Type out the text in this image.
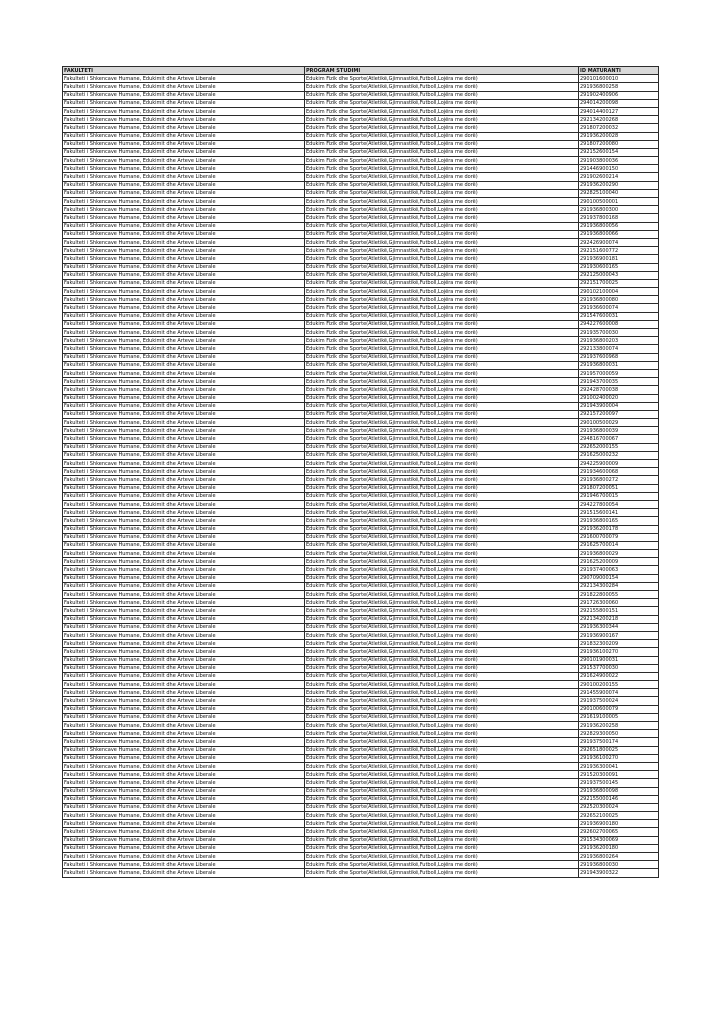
FAKULTETI	PROGRAM STUDIMI	ID MATURANTI
Fakulteti i Shkencave Humane, Edukimit dhe Arteve Liberale	Edukim Fizik dhe Sporte(Atletikë,Gjimnastikë,Futboll,Lojëra me dorë)	290101600010
Fakulteti i Shkencave Humane, Edukimit dhe Arteve Liberale	Edukim Fizik dhe Sporte(Atletikë,Gjimnastikë,Futboll,Lojëra me dorë)	291936800258
Fakulteti i Shkencave Humane, Edukimit dhe Arteve Liberale	Edukim Fizik dhe Sporte(Atletikë,Gjimnastikë,Futboll,Lojëra me dorë)	291902400906
Fakulteti i Shkencave Humane, Edukimit dhe Arteve Liberale	Edukim Fizik dhe Sporte(Atletikë,Gjimnastikë,Futboll,Lojëra me dorë)	294014200098
Fakulteti i Shkencave Humane, Edukimit dhe Arteve Liberale	Edukim Fizik dhe Sporte(Atletikë,Gjimnastikë,Futboll,Lojëra me dorë)	294014400127
Fakulteti i Shkencave Humane, Edukimit dhe Arteve Liberale	Edukim Fizik dhe Sporte(Atletikë,Gjimnastikë,Futboll,Lojëra me dorë)	292134200268
Fakulteti i Shkencave Humane, Edukimit dhe Arteve Liberale	Edukim Fizik dhe Sporte(Atletikë,Gjimnastikë,Futboll,Lojëra me dorë)	291807200032
Fakulteti i Shkencave Humane, Edukimit dhe Arteve Liberale	Edukim Fizik dhe Sporte(Atletikë,Gjimnastikë,Futboll,Lojëra me dorë)	291936200028
Fakulteti i Shkencave Humane, Edukimit dhe Arteve Liberale	Edukim Fizik dhe Sporte(Atletikë,Gjimnastikë,Futboll,Lojëra me dorë)	291807200080
Fakulteti i Shkencave Humane, Edukimit dhe Arteve Liberale	Edukim Fizik dhe Sporte(Atletikë,Gjimnastikë,Futboll,Lojëra me dorë)	292152600154
Fakulteti i Shkencave Humane, Edukimit dhe Arteve Liberale	Edukim Fizik dhe Sporte(Atletikë,Gjimnastikë,Futboll,Lojëra me dorë)	291903800036
Fakulteti i Shkencave Humane, Edukimit dhe Arteve Liberale	Edukim Fizik dhe Sporte(Atletikë,Gjimnastikë,Futboll,Lojëra me dorë)	291446900150
Fakulteti i Shkencave Humane, Edukimit dhe Arteve Liberale	Edukim Fizik dhe Sporte(Atletikë,Gjimnastikë,Futboll,Lojëra me dorë)	291902600214
Fakulteti i Shkencave Humane, Edukimit dhe Arteve Liberale	Edukim Fizik dhe Sporte(Atletikë,Gjimnastikë,Futboll,Lojëra me dorë)	291936200290
Fakulteti i Shkencave Humane, Edukimit dhe Arteve Liberale	Edukim Fizik dhe Sporte(Atletikë,Gjimnastikë,Futboll,Lojëra me dorë)	292825100040
Fakulteti i Shkencave Humane, Edukimit dhe Arteve Liberale	Edukim Fizik dhe Sporte(Atletikë,Gjimnastikë,Futboll,Lojëra me dorë)	290100500001
Fakulteti i Shkencave Humane, Edukimit dhe Arteve Liberale	Edukim Fizik dhe Sporte(Atletikë,Gjimnastikë,Futboll,Lojëra me dorë)	291936800300
Fakulteti i Shkencave Humane, Edukimit dhe Arteve Liberale	Edukim Fizik dhe Sporte(Atletikë,Gjimnastikë,Futboll,Lojëra me dorë)	291937800168
Fakulteti i Shkencave Humane, Edukimit dhe Arteve Liberale	Edukim Fizik dhe Sporte(Atletikë,Gjimnastikë,Futboll,Lojëra me dorë)	291936800056
Fakulteti i Shkencave Humane, Edukimit dhe Arteve Liberale	Edukim Fizik dhe Sporte(Atletikë,Gjimnastikë,Futboll,Lojëra me dorë)	291936800066
Fakulteti i Shkencave Humane, Edukimit dhe Arteve Liberale	Edukim Fizik dhe Sporte(Atletikë,Gjimnastikë,Futboll,Lojëra me dorë)	292426900074
Fakulteti i Shkencave Humane, Edukimit dhe Arteve Liberale	Edukim Fizik dhe Sporte(Atletikë,Gjimnastikë,Futboll,Lojëra me dorë)	292151600772
Fakulteti i Shkencave Humane, Edukimit dhe Arteve Liberale	Edukim Fizik dhe Sporte(Atletikë,Gjimnastikë,Futboll,Lojëra me dorë)	291936900181
Fakulteti i Shkencave Humane, Edukimit dhe Arteve Liberale	Edukim Fizik dhe Sporte(Atletikë,Gjimnastikë,Futboll,Lojëra me dorë)	291930600165
Fakulteti i Shkencave Humane, Edukimit dhe Arteve Liberale	Edukim Fizik dhe Sporte(Atletikë,Gjimnastikë,Futboll,Lojëra me dorë)	292125000043
Fakulteti i Shkencave Humane, Edukimit dhe Arteve Liberale	Edukim Fizik dhe Sporte(Atletikë,Gjimnastikë,Futboll,Lojëra me dorë)	292151700025
Fakulteti i Shkencave Humane, Edukimit dhe Arteve Liberale	Edukim Fizik dhe Sporte(Atletikë,Gjimnastikë,Futboll,Lojëra me dorë)	290102100004
Fakulteti i Shkencave Humane, Edukimit dhe Arteve Liberale	Edukim Fizik dhe Sporte(Atletikë,Gjimnastikë,Futboll,Lojëra me dorë)	291936800080
Fakulteti i Shkencave Humane, Edukimit dhe Arteve Liberale	Edukim Fizik dhe Sporte(Atletikë,Gjimnastikë,Futboll,Lojëra me dorë)	291936600074
Fakulteti i Shkencave Humane, Edukimit dhe Arteve Liberale	Edukim Fizik dhe Sporte(Atletikë,Gjimnastikë,Futboll,Lojëra me dorë)	291547600031
Fakulteti i Shkencave Humane, Edukimit dhe Arteve Liberale	Edukim Fizik dhe Sporte(Atletikë,Gjimnastikë,Futboll,Lojëra me dorë)	294227600008
Fakulteti i Shkencave Humane, Edukimit dhe Arteve Liberale	Edukim Fizik dhe Sporte(Atletikë,Gjimnastikë,Futboll,Lojëra me dorë)	291935700030
Fakulteti i Shkencave Humane, Edukimit dhe Arteve Liberale	Edukim Fizik dhe Sporte(Atletikë,Gjimnastikë,Futboll,Lojëra me dorë)	291936800203
Fakulteti i Shkencave Humane, Edukimit dhe Arteve Liberale	Edukim Fizik dhe Sporte(Atletikë,Gjimnastikë,Futboll,Lojëra me dorë)	292133800074
Fakulteti i Shkencave Humane, Edukimit dhe Arteve Liberale	Edukim Fizik dhe Sporte(Atletikë,Gjimnastikë,Futboll,Lojëra me dorë)	291937600968
Fakulteti i Shkencave Humane, Edukimit dhe Arteve Liberale	Edukim Fizik dhe Sporte(Atletikë,Gjimnastikë,Futboll,Lojëra me dorë)	291936800031
Fakulteti i Shkencave Humane, Edukimit dhe Arteve Liberale	Edukim Fizik dhe Sporte(Atletikë,Gjimnastikë,Futboll,Lojëra me dorë)	291957000059
Fakulteti i Shkencave Humane, Edukimit dhe Arteve Liberale	Edukim Fizik dhe Sporte(Atletikë,Gjimnastikë,Futboll,Lojëra me dorë)	291943700035
Fakulteti i Shkencave Humane, Edukimit dhe Arteve Liberale	Edukim Fizik dhe Sporte(Atletikë,Gjimnastikë,Futboll,Lojëra me dorë)	292428700038
Fakulteti i Shkencave Humane, Edukimit dhe Arteve Liberale	Edukim Fizik dhe Sporte(Atletikë,Gjimnastikë,Futboll,Lojëra me dorë)	291002400020
Fakulteti i Shkencave Humane, Edukimit dhe Arteve Liberale	Edukim Fizik dhe Sporte(Atletikë,Gjimnastikë,Futboll,Lojëra me dorë)	291943900004
Fakulteti i Shkencave Humane, Edukimit dhe Arteve Liberale	Edukim Fizik dhe Sporte(Atletikë,Gjimnastikë,Futboll,Lojëra me dorë)	292157200097
Fakulteti i Shkencave Humane, Edukimit dhe Arteve Liberale	Edukim Fizik dhe Sporte(Atletikë,Gjimnastikë,Futboll,Lojëra me dorë)	290100500029
Fakulteti i Shkencave Humane, Edukimit dhe Arteve Liberale	Edukim Fizik dhe Sporte(Atletikë,Gjimnastikë,Futboll,Lojëra me dorë)	291936800039
Fakulteti i Shkencave Humane, Edukimit dhe Arteve Liberale	Edukim Fizik dhe Sporte(Atletikë,Gjimnastikë,Futboll,Lojëra me dorë)	294816700067
Fakulteti i Shkencave Humane, Edukimit dhe Arteve Liberale	Edukim Fizik dhe Sporte(Atletikë,Gjimnastikë,Futboll,Lojëra me dorë)	292652000155
Fakulteti i Shkencave Humane, Edukimit dhe Arteve Liberale	Edukim Fizik dhe Sporte(Atletikë,Gjimnastikë,Futboll,Lojëra me dorë)	291625000232
Fakulteti i Shkencave Humane, Edukimit dhe Arteve Liberale	Edukim Fizik dhe Sporte(Atletikë,Gjimnastikë,Futboll,Lojëra me dorë)	294225900009
Fakulteti i Shkencave Humane, Edukimit dhe Arteve Liberale	Edukim Fizik dhe Sporte(Atletikë,Gjimnastikë,Futboll,Lojëra me dorë)	291934600068
Fakulteti i Shkencave Humane, Edukimit dhe Arteve Liberale	Edukim Fizik dhe Sporte(Atletikë,Gjimnastikë,Futboll,Lojëra me dorë)	291936800272
Fakulteti i Shkencave Humane, Edukimit dhe Arteve Liberale	Edukim Fizik dhe Sporte(Atletikë,Gjimnastikë,Futboll,Lojëra me dorë)	291807200051
Fakulteti i Shkencave Humane, Edukimit dhe Arteve Liberale	Edukim Fizik dhe Sporte(Atletikë,Gjimnastikë,Futboll,Lojëra me dorë)	291946700015
Fakulteti i Shkencave Humane, Edukimit dhe Arteve Liberale	Edukim Fizik dhe Sporte(Atletikë,Gjimnastikë,Futboll,Lojëra me dorë)	294227800054
Fakulteti i Shkencave Humane, Edukimit dhe Arteve Liberale	Edukim Fizik dhe Sporte(Atletikë,Gjimnastikë,Futboll,Lojëra me dorë)	291515600141
Fakulteti i Shkencave Humane, Edukimit dhe Arteve Liberale	Edukim Fizik dhe Sporte(Atletikë,Gjimnastikë,Futboll,Lojëra me dorë)	291936800165
Fakulteti i Shkencave Humane, Edukimit dhe Arteve Liberale	Edukim Fizik dhe Sporte(Atletikë,Gjimnastikë,Futboll,Lojëra me dorë)	291936200178
Fakulteti i Shkencave Humane, Edukimit dhe Arteve Liberale	Edukim Fizik dhe Sporte(Atletikë,Gjimnastikë,Futboll,Lojëra me dorë)	291600700079
Fakulteti i Shkencave Humane, Edukimit dhe Arteve Liberale	Edukim Fizik dhe Sporte(Atletikë,Gjimnastikë,Futboll,Lojëra me dorë)	291625700014
Fakulteti i Shkencave Humane, Edukimit dhe Arteve Liberale	Edukim Fizik dhe Sporte(Atletikë,Gjimnastikë,Futboll,Lojëra me dorë)	291936800029
Fakulteti i Shkencave Humane, Edukimit dhe Arteve Liberale	Edukim Fizik dhe Sporte(Atletikë,Gjimnastikë,Futboll,Lojëra me dorë)	291625200009
Fakulteti i Shkencave Humane, Edukimit dhe Arteve Liberale	Edukim Fizik dhe Sporte(Atletikë,Gjimnastikë,Futboll,Lojëra me dorë)	291937400063
Fakulteti i Shkencave Humane, Edukimit dhe Arteve Liberale	Edukim Fizik dhe Sporte(Atletikë,Gjimnastikë,Futboll,Lojëra me dorë)	290709000154
Fakulteti i Shkencave Humane, Edukimit dhe Arteve Liberale	Edukim Fizik dhe Sporte(Atletikë,Gjimnastikë,Futboll,Lojëra me dorë)	292134300284
Fakulteti i Shkencave Humane, Edukimit dhe Arteve Liberale	Edukim Fizik dhe Sporte(Atletikë,Gjimnastikë,Futboll,Lojëra me dorë)	291822800055
Fakulteti i Shkencave Humane, Edukimit dhe Arteve Liberale	Edukim Fizik dhe Sporte(Atletikë,Gjimnastikë,Futboll,Lojëra me dorë)	291726300060
Fakulteti i Shkencave Humane, Edukimit dhe Arteve Liberale	Edukim Fizik dhe Sporte(Atletikë,Gjimnastikë,Futboll,Lojëra me dorë)	292155800151
Fakulteti i Shkencave Humane, Edukimit dhe Arteve Liberale	Edukim Fizik dhe Sporte(Atletikë,Gjimnastikë,Futboll,Lojëra me dorë)	292134200218
Fakulteti i Shkencave Humane, Edukimit dhe Arteve Liberale	Edukim Fizik dhe Sporte(Atletikë,Gjimnastikë,Futboll,Lojëra me dorë)	291936300344
Fakulteti i Shkencave Humane, Edukimit dhe Arteve Liberale	Edukim Fizik dhe Sporte(Atletikë,Gjimnastikë,Futboll,Lojëra me dorë)	291936900167
Fakulteti i Shkencave Humane, Edukimit dhe Arteve Liberale	Edukim Fizik dhe Sporte(Atletikë,Gjimnastikë,Futboll,Lojëra me dorë)	291832300209
Fakulteti i Shkencave Humane, Edukimit dhe Arteve Liberale	Edukim Fizik dhe Sporte(Atletikë,Gjimnastikë,Futboll,Lojëra me dorë)	291936100270
Fakulteti i Shkencave Humane, Edukimit dhe Arteve Liberale	Edukim Fizik dhe Sporte(Atletikë,Gjimnastikë,Futboll,Lojëra me dorë)	290101900031
Fakulteti i Shkencave Humane, Edukimit dhe Arteve Liberale	Edukim Fizik dhe Sporte(Atletikë,Gjimnastikë,Futboll,Lojëra me dorë)	291537700030
Fakulteti i Shkencave Humane, Edukimit dhe Arteve Liberale	Edukim Fizik dhe Sporte(Atletikë,Gjimnastikë,Futboll,Lojëra me dorë)	291624900022
Fakulteti i Shkencave Humane, Edukimit dhe Arteve Liberale	Edukim Fizik dhe Sporte(Atletikë,Gjimnastikë,Futboll,Lojëra me dorë)	290100200155
Fakulteti i Shkencave Humane, Edukimit dhe Arteve Liberale	Edukim Fizik dhe Sporte(Atletikë,Gjimnastikë,Futboll,Lojëra me dorë)	291455900074
Fakulteti i Shkencave Humane, Edukimit dhe Arteve Liberale	Edukim Fizik dhe Sporte(Atletikë,Gjimnastikë,Futboll,Lojëra me dorë)	291937500024
Fakulteti i Shkencave Humane, Edukimit dhe Arteve Liberale	Edukim Fizik dhe Sporte(Atletikë,Gjimnastikë,Futboll,Lojëra me dorë)	290100600079
Fakulteti i Shkencave Humane, Edukimit dhe Arteve Liberale	Edukim Fizik dhe Sporte(Atletikë,Gjimnastikë,Futboll,Lojëra me dorë)	291619100005
Fakulteti i Shkencave Humane, Edukimit dhe Arteve Liberale	Edukim Fizik dhe Sporte(Atletikë,Gjimnastikë,Futboll,Lojëra me dorë)	291936200258
Fakulteti i Shkencave Humane, Edukimit dhe Arteve Liberale	Edukim Fizik dhe Sporte(Atletikë,Gjimnastikë,Futboll,Lojëra me dorë)	292829300050
Fakulteti i Shkencave Humane, Edukimit dhe Arteve Liberale	Edukim Fizik dhe Sporte(Atletikë,Gjimnastikë,Futboll,Lojëra me dorë)	291937500174
Fakulteti i Shkencave Humane, Edukimit dhe Arteve Liberale	Edukim Fizik dhe Sporte(Atletikë,Gjimnastikë,Futboll,Lojëra me dorë)	292651800025
Fakulteti i Shkencave Humane, Edukimit dhe Arteve Liberale	Edukim Fizik dhe Sporte(Atletikë,Gjimnastikë,Futboll,Lojëra me dorë)	291936100270
Fakulteti i Shkencave Humane, Edukimit dhe Arteve Liberale	Edukim Fizik dhe Sporte(Atletikë,Gjimnastikë,Futboll,Lojëra me dorë)	291936300041
Fakulteti i Shkencave Humane, Edukimit dhe Arteve Liberale	Edukim Fizik dhe Sporte(Atletikë,Gjimnastikë,Futboll,Lojëra me dorë)	291520300091
Fakulteti i Shkencave Humane, Edukimit dhe Arteve Liberale	Edukim Fizik dhe Sporte(Atletikë,Gjimnastikë,Futboll,Lojëra me dorë)	291937500145
Fakulteti i Shkencave Humane, Edukimit dhe Arteve Liberale	Edukim Fizik dhe Sporte(Atletikë,Gjimnastikë,Futboll,Lojëra me dorë)	291936800098
Fakulteti i Shkencave Humane, Edukimit dhe Arteve Liberale	Edukim Fizik dhe Sporte(Atletikë,Gjimnastikë,Futboll,Lojëra me dorë)	292155000146
Fakulteti i Shkencave Humane, Edukimit dhe Arteve Liberale	Edukim Fizik dhe Sporte(Atletikë,Gjimnastikë,Futboll,Lojëra me dorë)	292520300024
Fakulteti i Shkencave Humane, Edukimit dhe Arteve Liberale	Edukim Fizik dhe Sporte(Atletikë,Gjimnastikë,Futboll,Lojëra me dorë)	292652100025
Fakulteti i Shkencave Humane, Edukimit dhe Arteve Liberale	Edukim Fizik dhe Sporte(Atletikë,Gjimnastikë,Futboll,Lojëra me dorë)	291936900180
Fakulteti i Shkencave Humane, Edukimit dhe Arteve Liberale	Edukim Fizik dhe Sporte(Atletikë,Gjimnastikë,Futboll,Lojëra me dorë)	292602700065
Fakulteti i Shkencave Humane, Edukimit dhe Arteve Liberale	Edukim Fizik dhe Sporte(Atletikë,Gjimnastikë,Futboll,Lojëra me dorë)	291534300069
Fakulteti i Shkencave Humane, Edukimit dhe Arteve Liberale	Edukim Fizik dhe Sporte(Atletikë,Gjimnastikë,Futboll,Lojëra me dorë)	291936200180
Fakulteti i Shkencave Humane, Edukimit dhe Arteve Liberale	Edukim Fizik dhe Sporte(Atletikë,Gjimnastikë,Futboll,Lojëra me dorë)	291936800264
Fakulteti i Shkencave Humane, Edukimit dhe Arteve Liberale	Edukim Fizik dhe Sporte(Atletikë,Gjimnastikë,Futboll,Lojëra me dorë)	291936800030
Fakulteti i Shkencave Humane, Edukimit dhe Arteve Liberale	Edukim Fizik dhe Sporte(Atletikë,Gjimnastikë,Futboll,Lojëra me dorë)	291943900322
